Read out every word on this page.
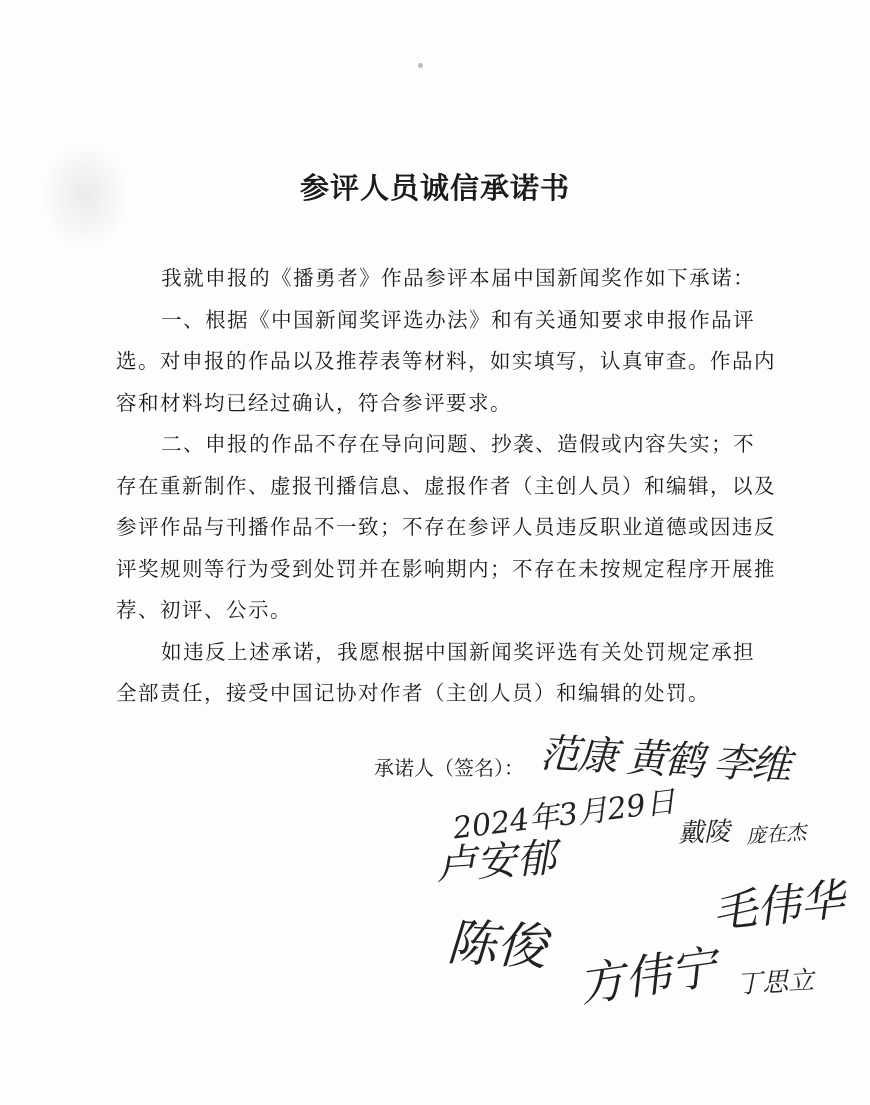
参评人员诚信承诺书

我就申报的《播勇者》作品参评本届中国新闻奖作如下承诺：

一、根据《中国新闻奖评选办法》和有关通知要求申报作品评选。对申报的作品以及推荐表等材料，如实填写，认真审查。作品内容和材料均已经过确认，符合参评要求。

二、申报的作品不存在导向问题、抄袭、造假或内容失实；不存在重新制作、虚报刊播信息、虚报作者（主创人员）和编辑，以及参评作品与刊播作品不一致；不存在参评人员违反职业道德或因违反评奖规则等行为受到处罚并在影响期内；不存在未按规定程序开展推荐、初评、公示。

如违反上述承诺，我愿根据中国新闻奖评选有关处罚规定承担全部责任，接受中国记协对作者（主创人员）和编辑的处罚。

承诺人（签名）： 范康 黄鹤 李维
2024年3月29日
卢安郁
戴陵 庞在杰
毛伟华
陈俊 方伟宁 丁思立
